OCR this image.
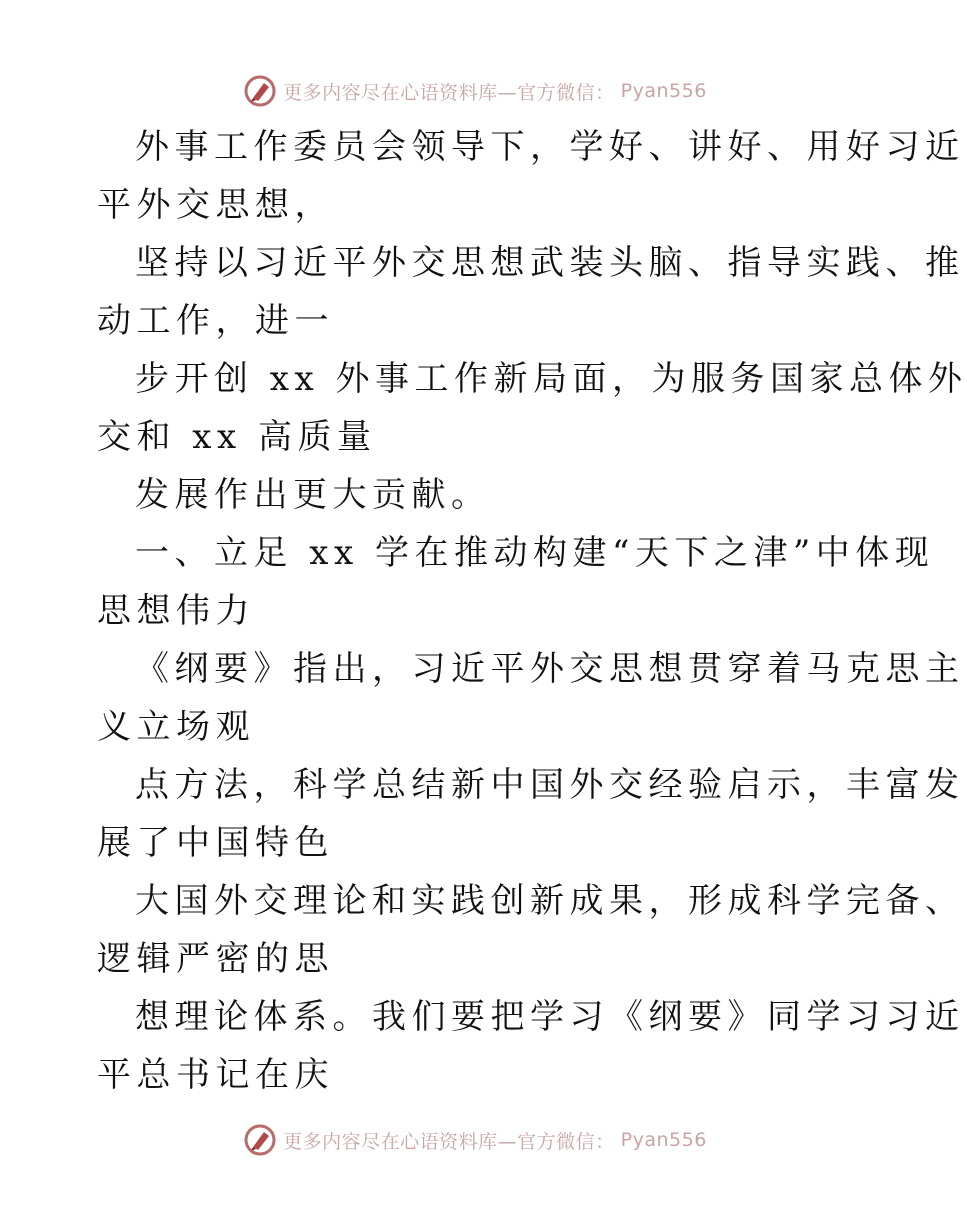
更多内容尽在心语资料库—官方微信： Pyan556
外事工作委员会领导下，学好、讲好、用好习近
平外交思想，
坚持以习近平外交思想武装头脑、指导实践、推
动工作，进一
步开创 xx 外事工作新局面，为服务国家总体外
交和 xx 高质量
发展作出更大贡献。
一、立足 xx 学在推动构建“天下之津”中体现
思想伟力
《纲要》指出，习近平外交思想贯穿着马克思主
义立场观
点方法，科学总结新中国外交经验启示，丰富发
展了中国特色
大国外交理论和实践创新成果，形成科学完备、
逻辑严密的思
想理论体系。我们要把学习《纲要》同学习习近
平总书记在庆
更多内容尽在心语资料库—官方微信： Pyan556
